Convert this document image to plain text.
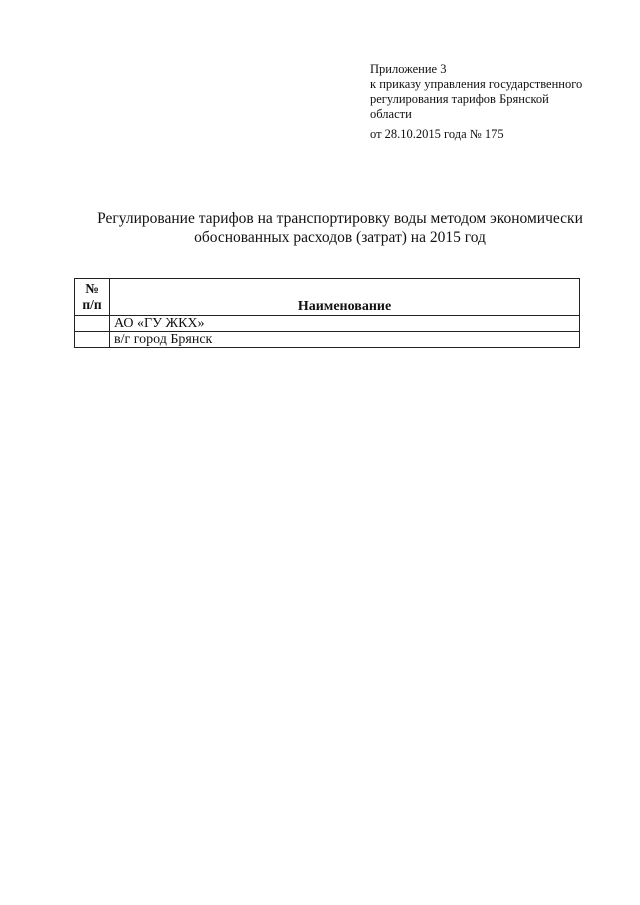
Приложение 3
к приказу управления государственного
регулирования тарифов Брянской
области
от 28.10.2015 года № 175
Регулирование тарифов на транспортировку воды методом экономически
обоснованных расходов (затрат) на 2015 год
№
п/п	Наименование
	АО «ГУ ЖКХ»
	в/г город Брянск
